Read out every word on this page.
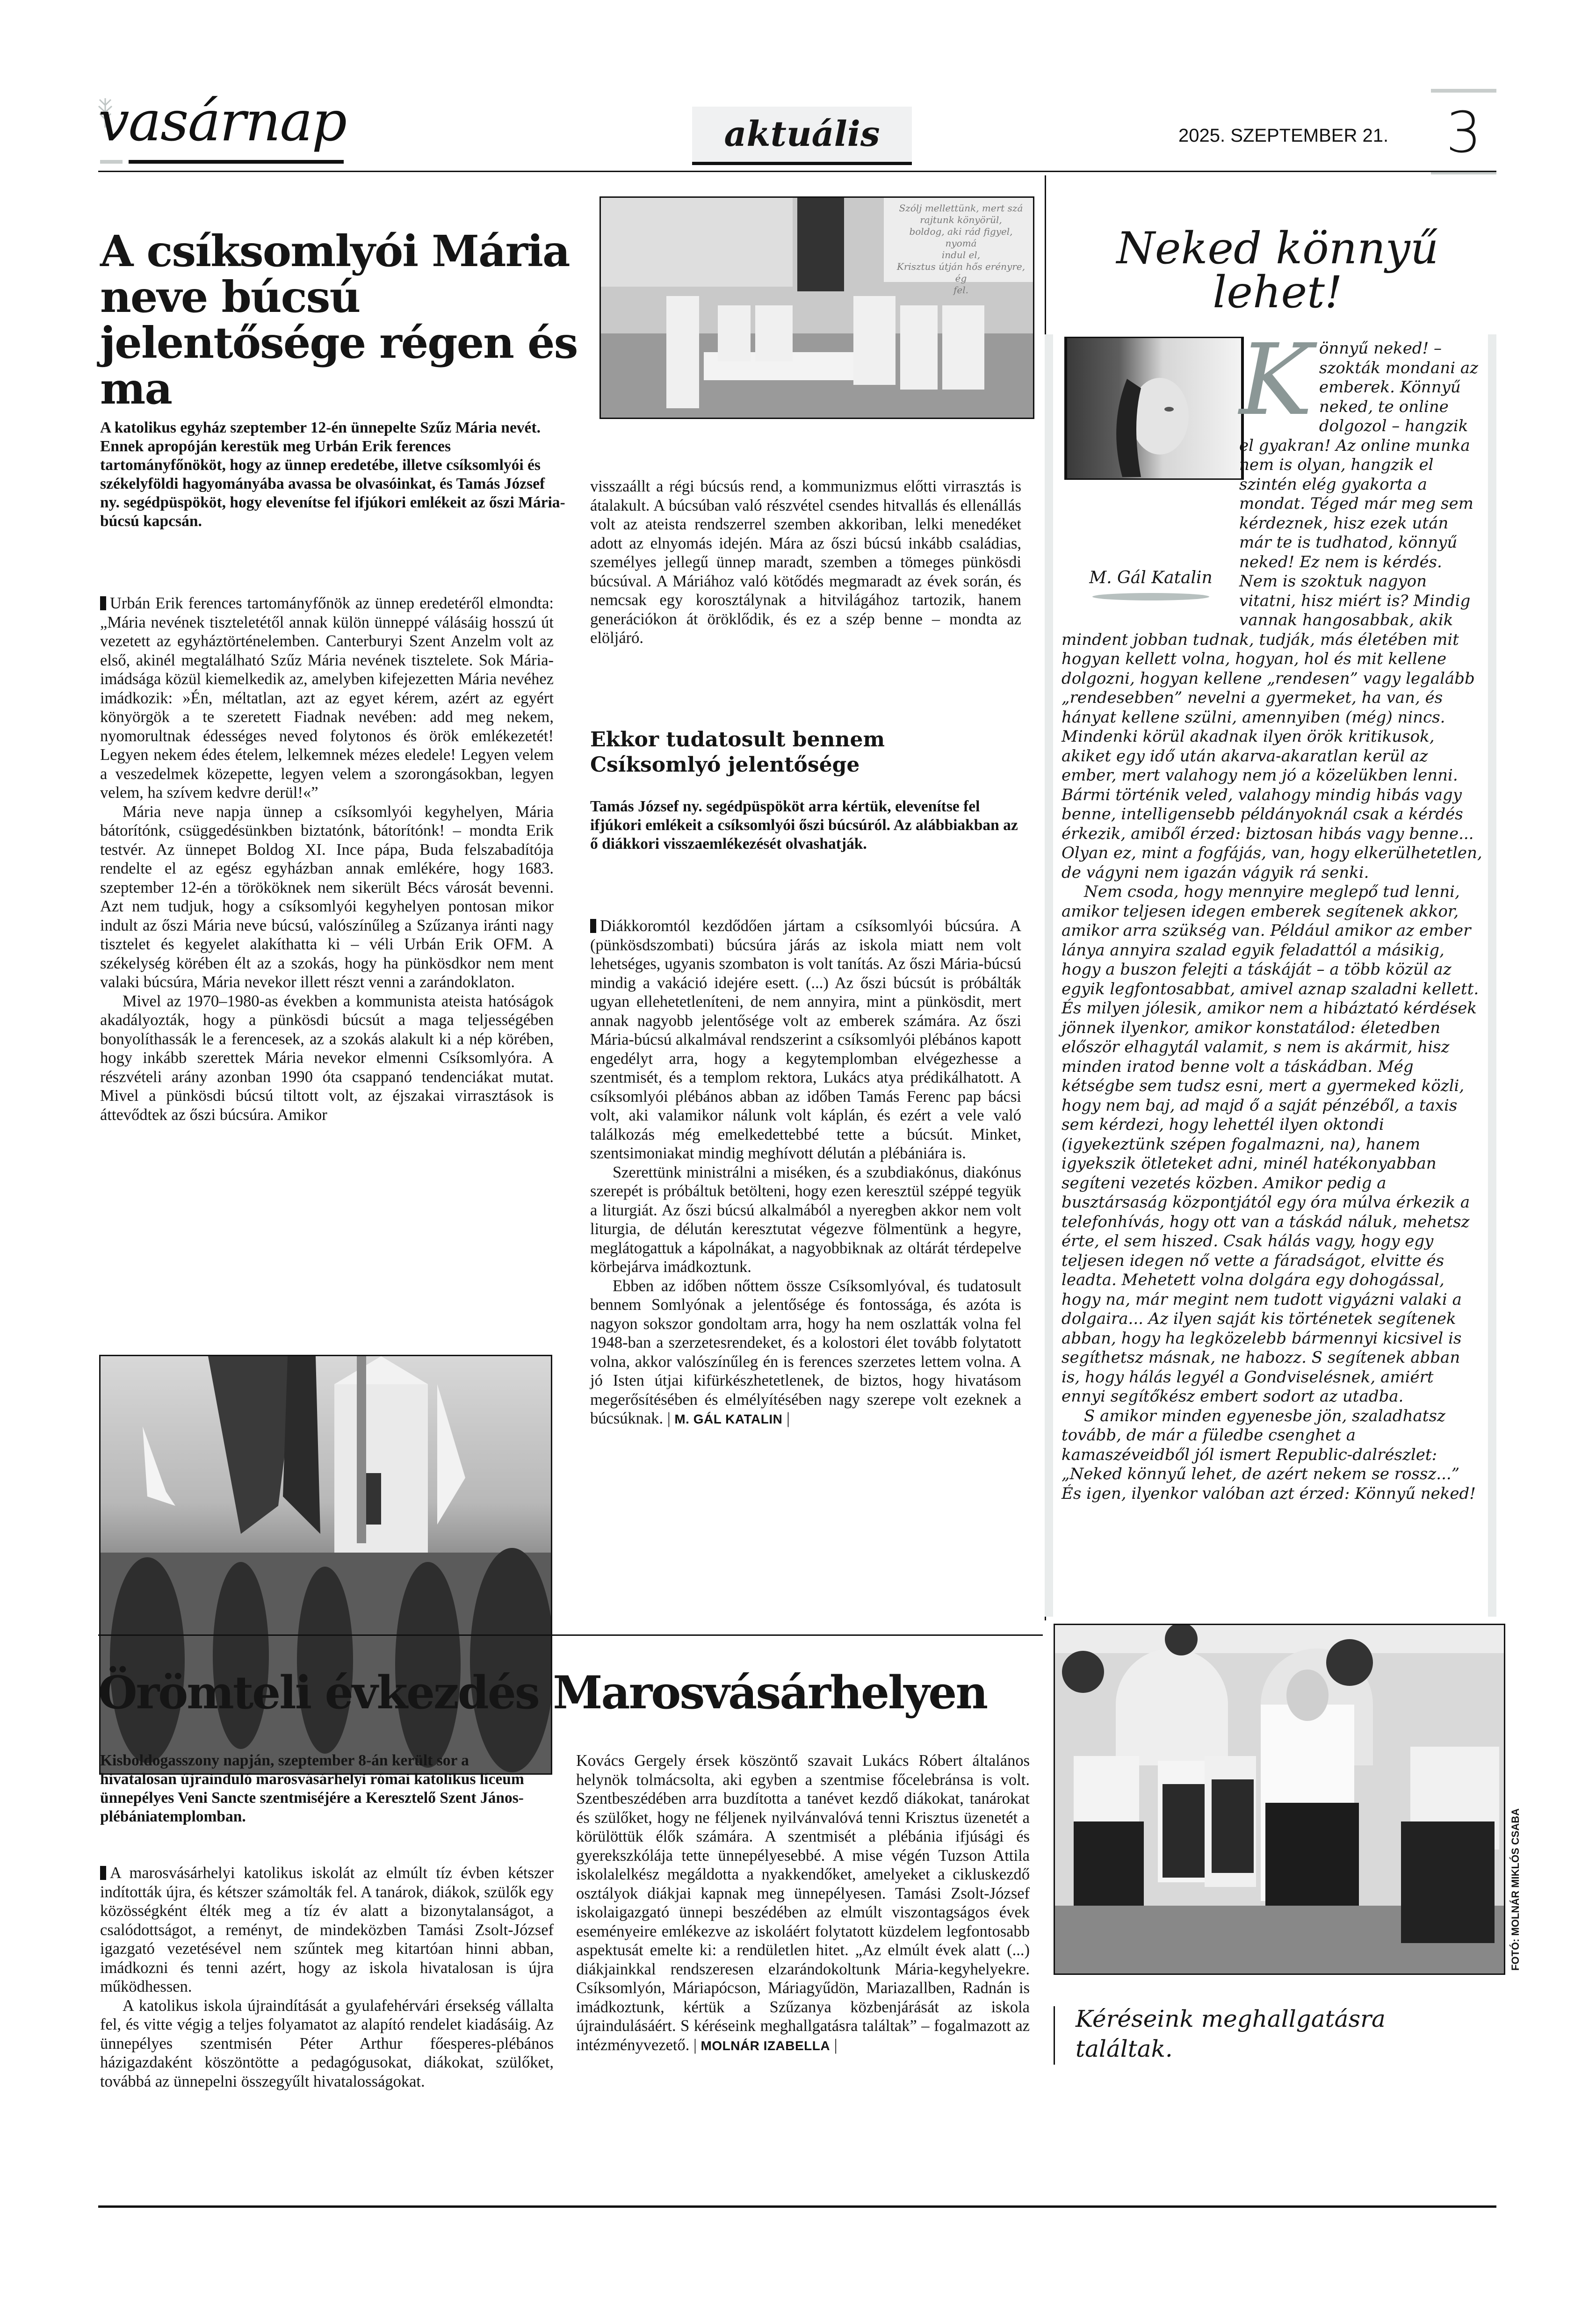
vasárnap	aktuális	2025. SZEPTEMBER 21. 3
A csíksomlyói Mária neve búcsú jelentősége régen és ma
A katolikus egyház szeptember 12-én ünnepelte Szűz Mária nevét. Ennek apropóján kerestük meg Urbán Erik ferences tartományfőnököt, hogy az ünnep eredetébe, illetve csíksomlyói és székelyföldi hagyományába avassa be olvasóinkat, és Tamás József ny. segédpüspököt, hogy elevenítse fel ifjúkori emlékeit az őszi Mária-búcsú kapcsán.

Urbán Erik ferences tartományfőnök az ünnep eredetéről elmondta: „Mária nevének tiszteletétől annak külön ünneppé válásáig hosszú út vezetett az egyháztörténelemben. Canterburyi Szent Anzelm volt az első, akinél megtalálható Szűz Mária nevének tisztelete. Sok Mária-imádsága közül kiemelkedik az, amelyben kifejezetten Mária nevéhez imádkozik: »Én, méltatlan, azt az egyet kérem, azért az egyért könyörgök a te szeretett Fiadnak nevében: add meg nekem, nyomorultnak édességes neved folytonos és örök emlékezetét! Legyen nekem édes ételem, lelkemnek mézes eledele! Legyen velem a veszedelmek közepette, legyen velem a szorongásokban, legyen velem, ha szívem kedvre derül!«”

Mária neve napja ünnep a csíksomlyói kegyhelyen, Mária bátorítónk, csüggedésünkben biztatónk, bátorítónk! – mondta Erik testvér. Az ünnepet Boldog XI. Ince pápa, Buda felszabadítója rendelte el az egész egyházban annak emlékére, hogy 1683. szeptember 12-én a törököknek nem sikerült Bécs városát bevenni. Azt nem tudjuk, hogy a csíksomlyói kegyhelyen pontosan mikor indult az őszi Mária neve búcsú, valószínűleg a Szűzanya iránti nagy tisztelet és kegyelet alakíthatta ki – véli Urbán Erik OFM. A székelység körében élt az a szokás, hogy ha pünkösdkor nem ment valaki búcsúra, Mária nevekor illett részt venni a zarándoklaton.

Mivel az 1970–1980-as években a kommunista ateista hatóságok akadályozták, hogy a pünkösdi búcsút a maga teljességében bonyolíthassák le a ferencesek, az a szokás alakult ki a nép körében, hogy inkább szerettek Mária nevekor elmenni Csíksomlyóra. A részvételi arány azonban 1990 óta csappanó tendenciákat mutat. Mivel a pünkösdi búcsú tiltott volt, az éjszakai virrasztások is áttevődtek az őszi búcsúra. Amikor

Szólj mellettünk, mert szá
rajtunk könyörül,
boldog, aki rád figyel, nyomá
indul el,
Krisztus útján hős erényre, ég
fel.

visszaállt a régi búcsús rend, a kommunizmus előtti virrasztás is átalakult. A búcsúban való részvétel csendes hitvallás és ellenállás volt az ateista rendszerrel szemben akkoriban, lelki menedéket adott az elnyomás idején. Mára az őszi búcsú inkább családias, személyes jellegű ünnep maradt, szemben a tömeges pünkösdi búcsúval. A Máriához való kötődés megmaradt az évek során, és nemcsak egy korosztálynak a hitvilágához tartozik, hanem generációkon át öröklődik, és ez a szép benne – mondta az elöljáró.

Ekkor tudatosult bennem Csíksomlyó jelentősége
Tamás József ny. segédpüspököt arra kértük, elevenítse fel ifjúkori emlékeit a csíksomlyói őszi búcsúról. Az alábbiakban az ő diákkori visszaemlékezését olvashatják.

Diákkoromtól kezdődően jártam a csíksomlyói búcsúra. A (pünkösdszombati) búcsúra járás az iskola miatt nem volt lehetséges, ugyanis szombaton is volt tanítás. Az őszi Mária-búcsú mindig a vakáció idejére esett. (...) Az őszi búcsút is próbálták ugyan ellehetetleníteni, de nem annyira, mint a pünkösdit, mert annak nagyobb jelentősége volt az emberek számára. Az őszi Mária-búcsú alkalmával rendszerint a csíksomlyói plébános kapott engedélyt arra, hogy a kegytemplomban elvégezhesse a szentmisét, és a templom rektora, Lukács atya prédikálhatott. A csíksomlyói plébános abban az időben Tamás Ferenc pap bácsi volt, aki valamikor nálunk volt káplán, és ezért a vele való találkozás még emelkedettebbé tette a búcsút. Minket, szentsimoniakat mindig meghívott délután a plébániára is.

Szerettünk ministrálni a miséken, és a szubdiakónus, diakónus szerepét is próbáltuk betölteni, hogy ezen keresztül széppé tegyük a liturgiát. Az őszi búcsú alkalmából a nyeregben akkor nem volt liturgia, de délután keresztutat végezve fölmentünk a hegyre, meglátogattuk a kápolnákat, a nagyobbiknak az oltárát térdepelve körbejárva imádkoztunk.

Ebben az időben nőttem össze Csíksomlyóval, és tudatosult bennem Somlyónak a jelentősége és fontossága, és azóta is nagyon sokszor gondoltam arra, hogy ha nem oszlatták volna fel 1948-ban a szerzetesrendeket, és a kolostori élet tovább folytatott volna, akkor valószínűleg én is ferences szerzetes lettem volna. A jó Isten útjai kifürkészhetetlenek, de biztos, hogy hivatásom megerősítésében és elmélyítésében nagy szerepe volt ezeknek a búcsúknak. | M. GÁL KATALIN |

Neked könnyű lehet!
M. Gál Katalin

Könnyű neked! – szokták mondani az emberek. Könnyű neked, te online dolgozol – hangzik el gyakran! Az online munka nem is olyan, hangzik el szintén elég gyakorta a mondat. Téged már meg sem kérdeznek, hisz ezek után már te is tudhatod, könnyű neked! Ez nem is kérdés. Nem is szoktuk nagyon vitatni, hisz miért is? Mindig vannak hangosabbak, akik mindent jobban tudnak, tudják, más életében mit hogyan kellett volna, hogyan, hol és mit kellene dolgozni, hogyan kellene „rendesen” vagy legalább „rendesebben” nevelni a gyermeket, ha van, és hányat kellene szülni, amennyiben (még) nincs. Mindenki körül akadnak ilyen örök kritikusok, akiket egy idő után akarva-akaratlan kerül az ember, mert valahogy nem jó a közelükben lenni. Bármi történik veled, valahogy mindig hibás vagy benne, intelligensebb példányoknál csak a kérdés érkezik, amiből érzed: biztosan hibás vagy benne... Olyan ez, mint a fogfájás, van, hogy elkerülhetetlen, de vágyni nem igazán vágyik rá senki.

Nem csoda, hogy mennyire meglepő tud lenni, amikor teljesen idegen emberek segítenek akkor, amikor arra szükség van. Például amikor az ember lánya annyira szalad egyik feladattól a másikig, hogy a buszon felejti a táskáját – a több közül az egyik legfontosabbat, amivel aznap szaladni kellett. És milyen jólesik, amikor nem a hibáztató kérdések jönnek ilyenkor, amikor konstatálod: életedben először elhagytál valamit, s nem is akármit, hisz minden iratod benne volt a táskádban. Még kétségbe sem tudsz esni, mert a gyermeked közli, hogy nem baj, ad majd ő a saját pénzéből, a taxis sem kérdezi, hogy lehettél ilyen oktondi (igyekeztünk szépen fogalmazni, na), hanem igyekszik ötleteket adni, minél hatékonyabban segíteni vezetés közben. Amikor pedig a busztársaság központjától egy óra múlva érkezik a telefonhívás, hogy ott van a táskád náluk, mehetsz érte, el sem hiszed. Csak hálás vagy, hogy egy teljesen idegen nő vette a fáradságot, elvitte és leadta. Mehetett volna dolgára egy dohogással, hogy na, már megint nem tudott vigyázni valaki a dolgaira... Az ilyen saját kis történetek segítenek abban, hogy ha legközelebb bármennyi kicsivel is segíthetsz másnak, ne habozz. S segítenek abban is, hogy hálás legyél a Gondviselésnek, amiért ennyi segítőkész embert sodort az utadba.

S amikor minden egyenesbe jön, szaladhatsz tovább, de már a füledbe csenghet a kamaszéveidből jól ismert Republic-dalrészlet: „Neked könnyű lehet, de azért nekem se rossz...” És igen, ilyenkor valóban azt érzed: Könnyű neked!

Örömteli évkezdés Marosvásárhelyen
Kisboldogasszony napján, szeptember 8-án került sor a hivatalosan újrainduló marosvásárhelyi római katolikus líceum ünnepélyes Veni Sancte szentmiséjére a Keresztelő Szent János-plébániatemplomban.

A marosvásárhelyi katolikus iskolát az elmúlt tíz évben kétszer indították újra, és kétszer számolták fel. A tanárok, diákok, szülők egy közösségként élték meg a tíz év alatt a bizonytalanságot, a csalódottságot, a reményt, de mindeközben Tamási Zsolt-József igazgató vezetésével nem szűntek meg kitartóan hinni abban, imádkozni és tenni azért, hogy az iskola hivatalosan is újra működhessen.

A katolikus iskola újraindítását a gyulafehérvári érsekség vállalta fel, és vitte végig a teljes folyamatot az alapító rendelet kiadásáig. Az ünnepélyes szentmisén Péter Arthur főesperes-plébános házigazdaként köszöntötte a pedagógusokat, diákokat, szülőket, továbbá az ünnepelni összegyűlt hivatalosságokat.

Kovács Gergely érsek köszöntő szavait Lukács Róbert általános helynök tolmácsolta, aki egyben a szentmise főcelebránsa is volt. Szentbeszédében arra buzdította a tanévet kezdő diákokat, tanárokat és szülőket, hogy ne féljenek nyilvánvalóvá tenni Krisztus üzenetét a körülöttük élők számára. A szentmisét a plébánia ifjúsági és gyerekszkólája tette ünnepélyesebbé. A mise végén Tuzson Attila iskolalelkész megáldotta a nyakkendőket, amelyeket a cikluskezdő osztályok diákjai kapnak meg ünnepélyesen. Tamási Zsolt-József iskolaigazgató ünnepi beszédében az elmúlt viszontagságos évek eseményeire emlékezve az iskoláért folytatott küzdelem legfontosabb aspektusát emelte ki: a rendületlen hitet. „Az elmúlt évek alatt (...) diákjainkkal rendszeresen elzarándokoltunk Mária-kegyhelyekre. Csíksomlyón, Máriapócson, Máriagyűdön, Mariazallben, Radnán is imádkoztunk, kértük a Szűzanya közbenjárását az iskola újraindulásáért. S kéréseink meghallgatásra találtak” – fogalmazott az intézményvezető. | MOLNÁR IZABELLA |

FOTÓ: MOLNÁR MIKLÓS CSABA
Kéréseink meghallgatásra találtak.
